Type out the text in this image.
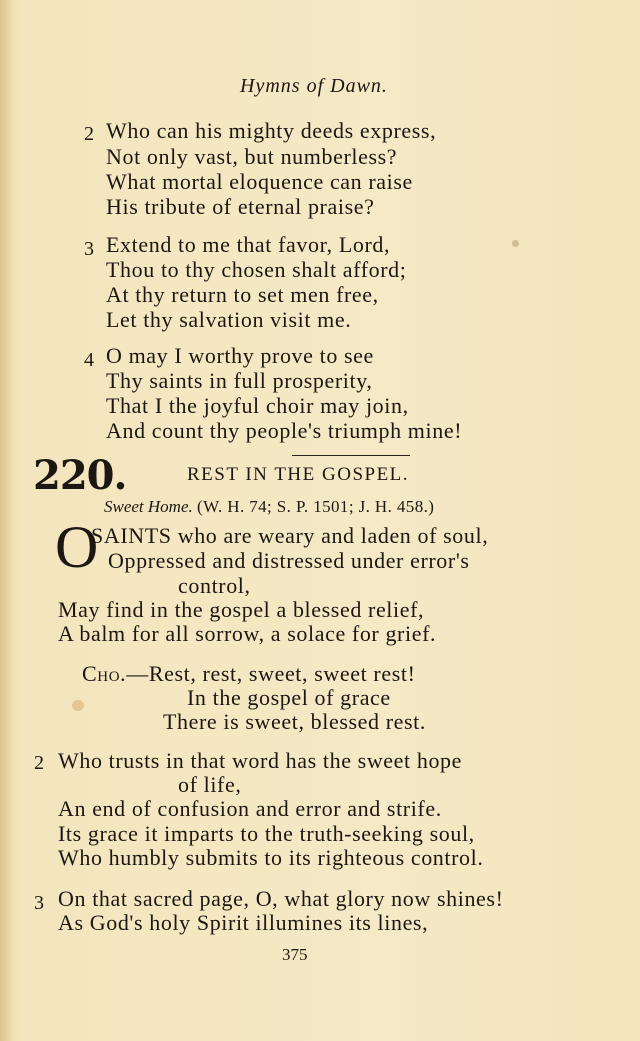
Hymns of Dawn.
2 Who can his mighty deeds express,
Not only vast, but numberless?
What mortal eloquence can raise
His tribute of eternal praise?
3 Extend to me that favor, Lord,
Thou to thy chosen shalt afford;
At thy return to set men free,
Let thy salvation visit me.
4 O may I worthy prove to see
Thy saints in full prosperity,
That I the joyful choir may join,
And count thy people's triumph mine!
220.	REST IN THE GOSPEL.
Sweet Home. (W. H. 74; S. P. 1501; J. H. 458.)
O
SAINTS who are weary and laden of soul,
Oppressed and distressed under error's
control,
May find in the gospel a blessed relief,
A balm for all sorrow, a solace for grief.
Cho.—Rest, rest, sweet, sweet rest!
In the gospel of grace
There is sweet, blessed rest.
2 Who trusts in that word has the sweet hope
of life,
An end of confusion and error and strife.
Its grace it imparts to the truth-seeking soul,
Who humbly submits to its righteous control.
3 On that sacred page, O, what glory now shines!
As God's holy Spirit illumines its lines,
375
